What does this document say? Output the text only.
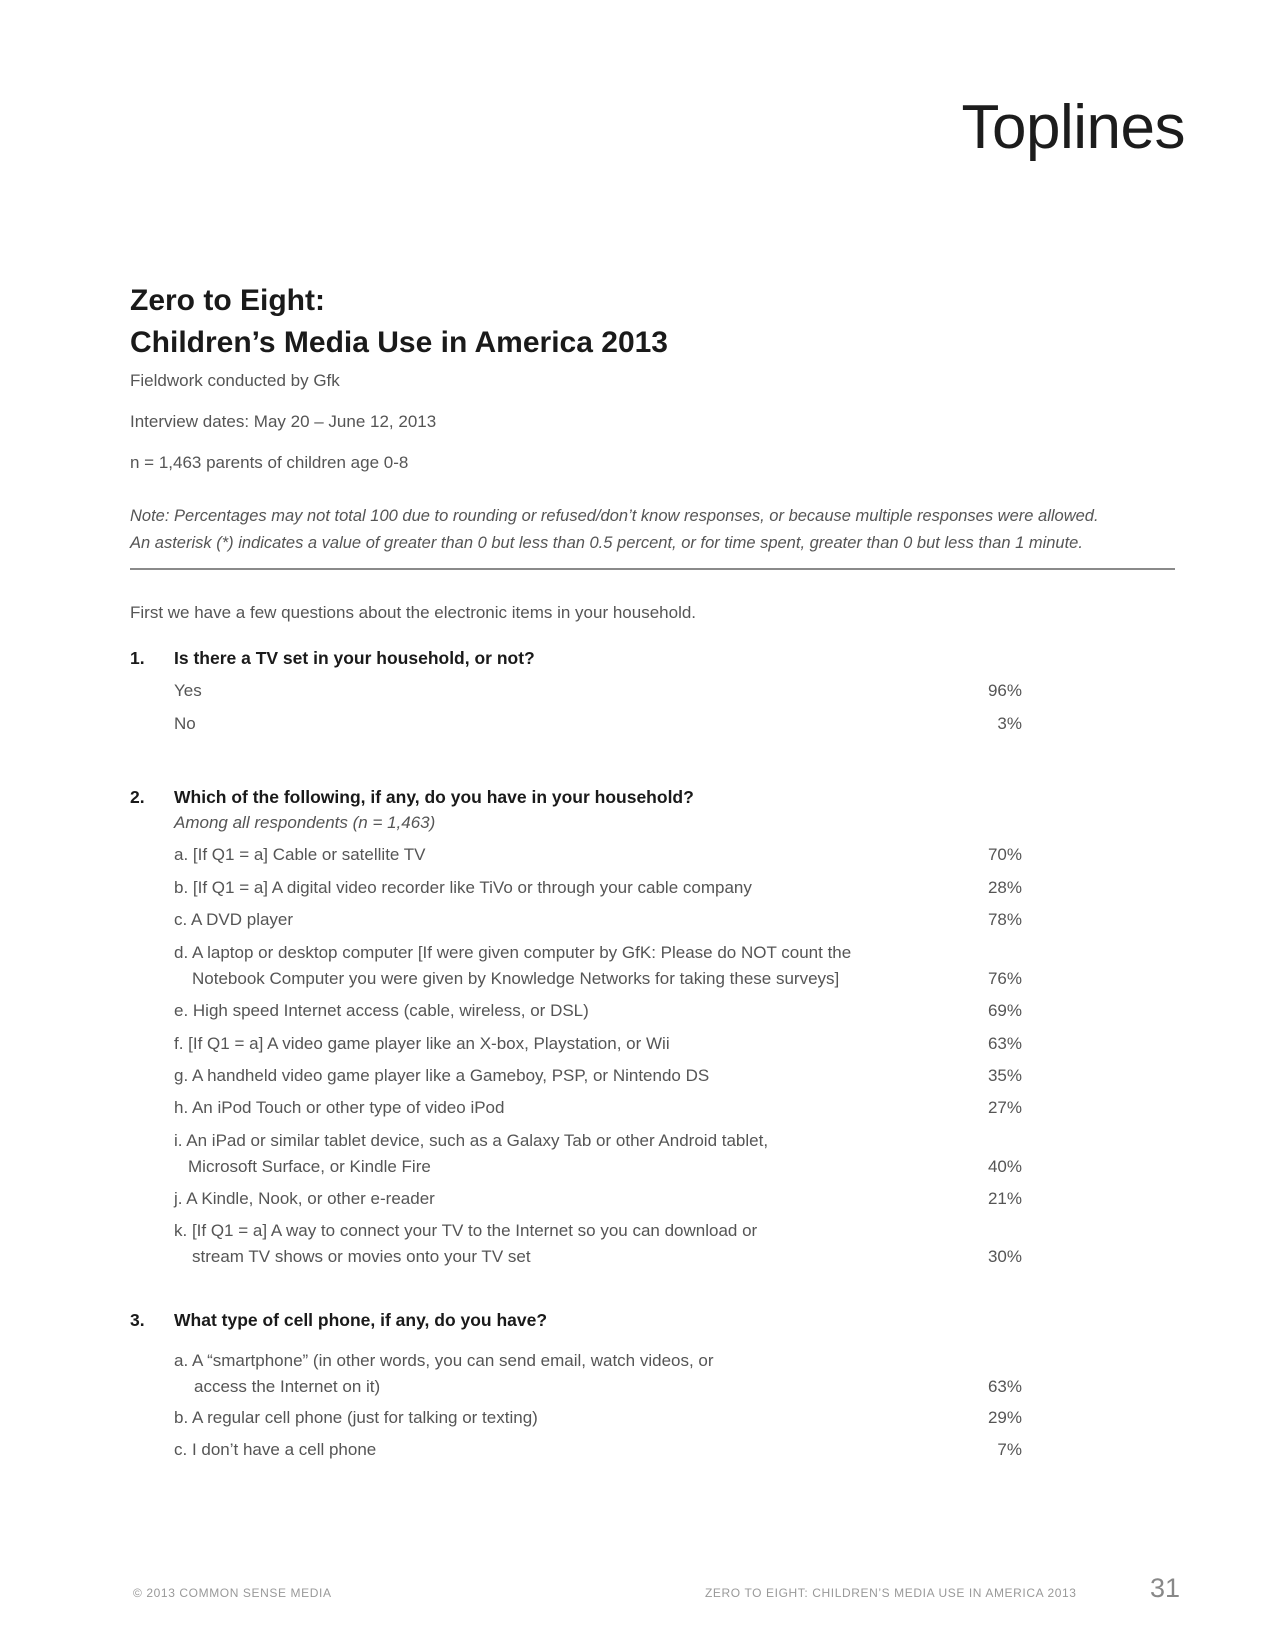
Toplines
Zero to Eight:
Children’s Media Use in America 2013

Fieldwork conducted by Gfk

Interview dates: May 20 – June 12, 2013

n = 1,463 parents of children age 0-8

Note: Percentages may not total 100 due to rounding or refused/don’t know responses, or because multiple responses were allowed.
An asterisk (*) indicates a value of greater than 0 but less than 0.5 percent, or for time spent, greater than 0 but less than 1 minute.

First we have a few questions about the electronic items in your household.

1. Is there a TV set in your household, or not?
Yes	96%
No	3%
2. Which of the following, if any, do you have in your household?
Among all respondents (n = 1,463)
a. [If Q1 = a] Cable or satellite TV	70%
b. [If Q1 = a] A digital video recorder like TiVo or through your cable company	28%
c. A DVD player	78%
d. A laptop or desktop computer [If were given computer by GfK: Please do NOT count the
Notebook Computer you were given by Knowledge Networks for taking these surveys]	76%
e. High speed Internet access (cable, wireless, or DSL)	69%
f. [If Q1 = a] A video game player like an X-box, Playstation, or Wii	63%
g. A handheld video game player like a Gameboy, PSP, or Nintendo DS	35%
h. An iPod Touch or other type of video iPod	27%
i. An iPad or similar tablet device, such as a Galaxy Tab or other Android tablet,
Microsoft Surface, or Kindle Fire	40%
j. A Kindle, Nook, or other e-reader	21%
k. [If Q1 = a] A way to connect your TV to the Internet so you can download or
stream TV shows or movies onto your TV set	30%
3. What type of cell phone, if any, do you have?
a. A “smartphone” (in other words, you can send email, watch videos, or
access the Internet on it)	63%
b. A regular cell phone (just for talking or texting)	29%
c. I don’t have a cell phone	7%
© 2013 COMMON SENSE MEDIA	ZERO TO EIGHT: CHILDREN’S MEDIA USE IN AMERICA 2013	31
